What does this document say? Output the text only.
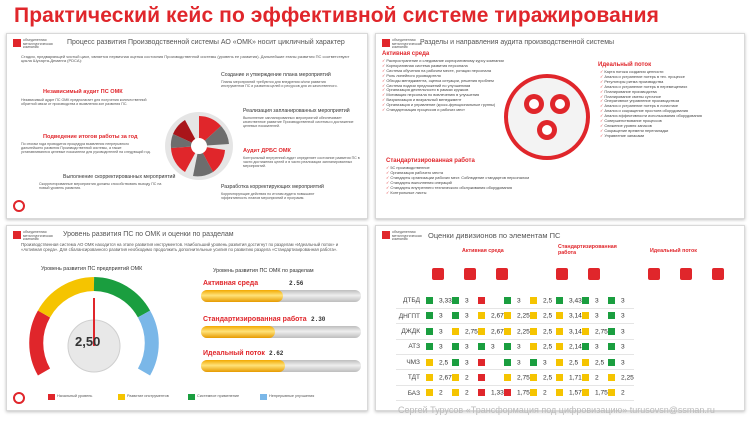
Практический кейс по эффективной системе тиражирования
объединенная металлургическая компания
Процесс развития Производственной системы АО «ОМК» носит цикличный характер
Стадия, предваряющей чистый цикл, является первичная оценка состояния Производственной системы (уровень ее развития). Дальнейшие этапы развития ПС соответствуют цикла Шухарта-Деминга (PDCA):
Создание и утверждение плана мероприятий
Планы мероприятий требуются для внедрения и/или развития инструментов ПС и развития целей и ресурсов для их качественного.
Независимый аудит ПС ОМК
Независимый аудит ПС ОМК предполагает для получения количественной обратной связи от производства и выявления зон развития ПС.
Реализация запланированных мероприятий
Выполнение запланированных мероприятий обеспечивает качественное развитие Производственной системы и достижение целевых показателей.
Подведение итогов работы за год
По итогам года проводится процедура выявления непрерывного дальнейшего развития Производственной системы, а также устанавливаются целевые показатели для руководителей на следующий год.	Аудит ДРБС ОМК
Контрольный внутренний аудит определяет состояние развития ПС в части достижения целей и в части реализации запланированных мероприятий.
Выполнение скорректированных мероприятий
Скорректированные мероприятия должны способствовать выходу ПС на новый уровень развития.	Разработка корректирующих мероприятий
Корректирующие действия по итогам аудита повышают эффективность планов мероприятий и программ.
объединенная металлургическая компания
Разделы и направления аудита производственной системы
Активная среда
✓ Распространение и следование корпоративному курсу компании
✓ Корпоративная система развития персонала
✓ Система обучения на рабочем месте, ротации персонала
✓ Роль линейного руководителя
✓ Обходы менеджмента, оценка ситуации, решения проблем
✓ Система подачи предложений по улучшениям
✓ Организация деятельности в рамках кружков
✓ Мотивация персонала по вовлечению в улучшения
✓ Визуализация и визуальный менеджмент
✓ Организация и управление (кросс-функциональные группы)
✓ Стандартизация процессов и рабочих мест
Идеальный поток
✓ Карта потока создания ценности
✓ Анализ и устранение потерь в тех. процессе
✓ Регуляторы ритма производства
✓ Анализ и устранение потерь в перемещениях
✓ Планирование производства
✓ Планирование смены суточное
✓ Оперативное управление производством
✓ Анализ и устранение потерь в логистике
✓ Анализ и сокращение простоев оборудования
✓ Анализ эффективности использования оборудования
✓ Совершенствование процессов
✓ Снижение уровня запасов
✓ Сокращение времени переналадки
✓ Управление запасами
Стандартизированная работа
✓ 5С производственное
✓ Организация рабочего места
✓ Стандарты организации рабочих мест. Соблюдение стандартов персоналом
✓ Стандарты выполнения операций
✓ Стандарты внутреннего технического обслуживания оборудования
✓ Контрольные листы
объединенная металлургическая компания
Уровень развития ПС по ОМК и оценки по разделам
Производственная система АО ОМК находится на этапе развития инструментов. Наибольший уровень развития достигнут по разделам «Идеальный поток» и «Активная среда». Для сбалансированного развития необходимо продолжить дополнительные усилия по развитию раздела «Стандартизированная работа».
Уровень развития ПС предприятий ОМК
2,50
Уровень развития ПС ОМК по разделам
Активная среда	2.56
Стандартизированная работа 2.30
Идеальный поток 2.62
Начальный уровень	Развитие инструментов	Системное применение	Непрерывные улучшения
объединенная металлургическая компания	Оценки дивизионов по элементам ПС
Активная среда
Стандартизированная работа	Идеальный поток
ДТБД	3,33	3		3	2,5	3,43	3	3
ДНГПТ	3	3	2,67	2,25	2,5	3,14	3	3
ДЖДК	3	2,75	2,67	2,25	2,5	3,14	2,75	3
АТЗ	3	3	3	3	2,5	2,14	3	3
ЧМЗ	2,5	3		3	3	2,5	2,5	3
ТДТ	2,67	2		2,75	2,5	1,71	2	2,25
БАЗ	2	2	1,33	1,75	2	1,57	1,75	2
Сергей Турусов «Трансформация под цифровизацию» turusovsn@ssman.ru
